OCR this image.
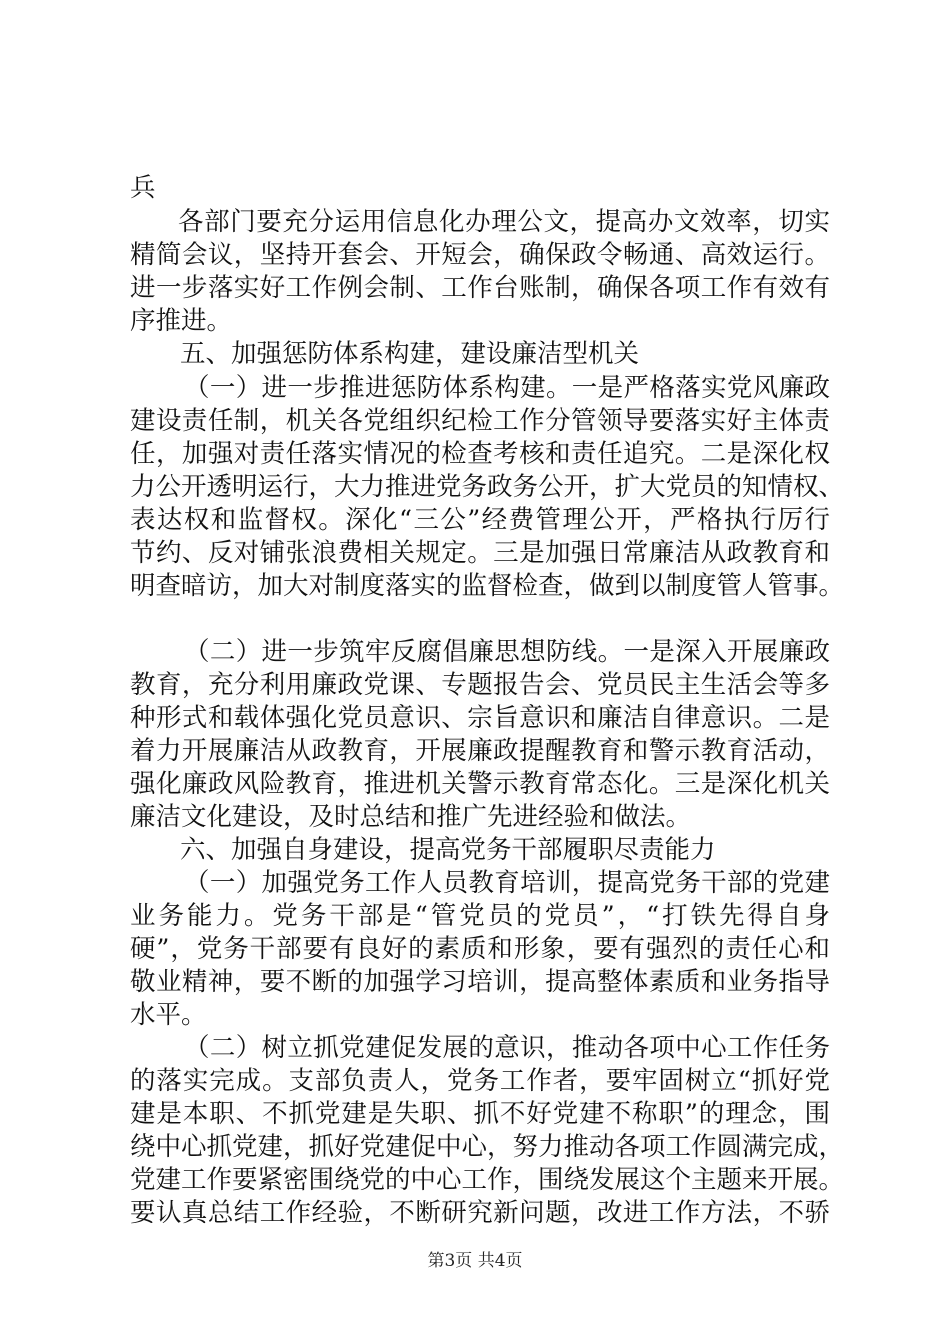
兵
各部门要充分运用信息化办理公文，提高办文效率，切实
精简会议，坚持开套会、开短会，确保政令畅通、高效运行。
进一步落实好工作例会制、工作台账制，确保各项工作有效有
序推进。
五、加强惩防体系构建，建设廉洁型机关
（一）进一步推进惩防体系构建。一是严格落实党风廉政
建设责任制，机关各党组织纪检工作分管领导要落实好主体责
任，加强对责任落实情况的检查考核和责任追究。二是深化权
力公开透明运行，大力推进党务政务公开，扩大党员的知情权、
表达权和监督权。深化“三公”经费管理公开，严格执行厉行
节约、反对铺张浪费相关规定。三是加强日常廉洁从政教育和
明查暗访，加大对制度落实的监督检查，做到以制度管人管事。
（二）进一步筑牢反腐倡廉思想防线。一是深入开展廉政
教育，充分利用廉政党课、专题报告会、党员民主生活会等多
种形式和载体强化党员意识、宗旨意识和廉洁自律意识。二是
着力开展廉洁从政教育，开展廉政提醒教育和警示教育活动，
强化廉政风险教育，推进机关警示教育常态化。三是深化机关
廉洁文化建设，及时总结和推广先进经验和做法。
六、加强自身建设，提高党务干部履职尽责能力
（一）加强党务工作人员教育培训，提高党务干部的党建
业务能力。党务干部是“管党员的党员”，“打铁先得自身
硬”，党务干部要有良好的素质和形象，要有强烈的责任心和
敬业精神，要不断的加强学习培训，提高整体素质和业务指导
水平。
（二）树立抓党建促发展的意识，推动各项中心工作任务
的落实完成。支部负责人，党务工作者，要牢固树立“抓好党
建是本职、不抓党建是失职、抓不好党建不称职”的理念，围
绕中心抓党建，抓好党建促中心，努力推动各项工作圆满完成，
党建工作要紧密围绕党的中心工作，围绕发展这个主题来开展。
要认真总结工作经验，不断研究新问题，改进工作方法，不骄
第3页 共4页
